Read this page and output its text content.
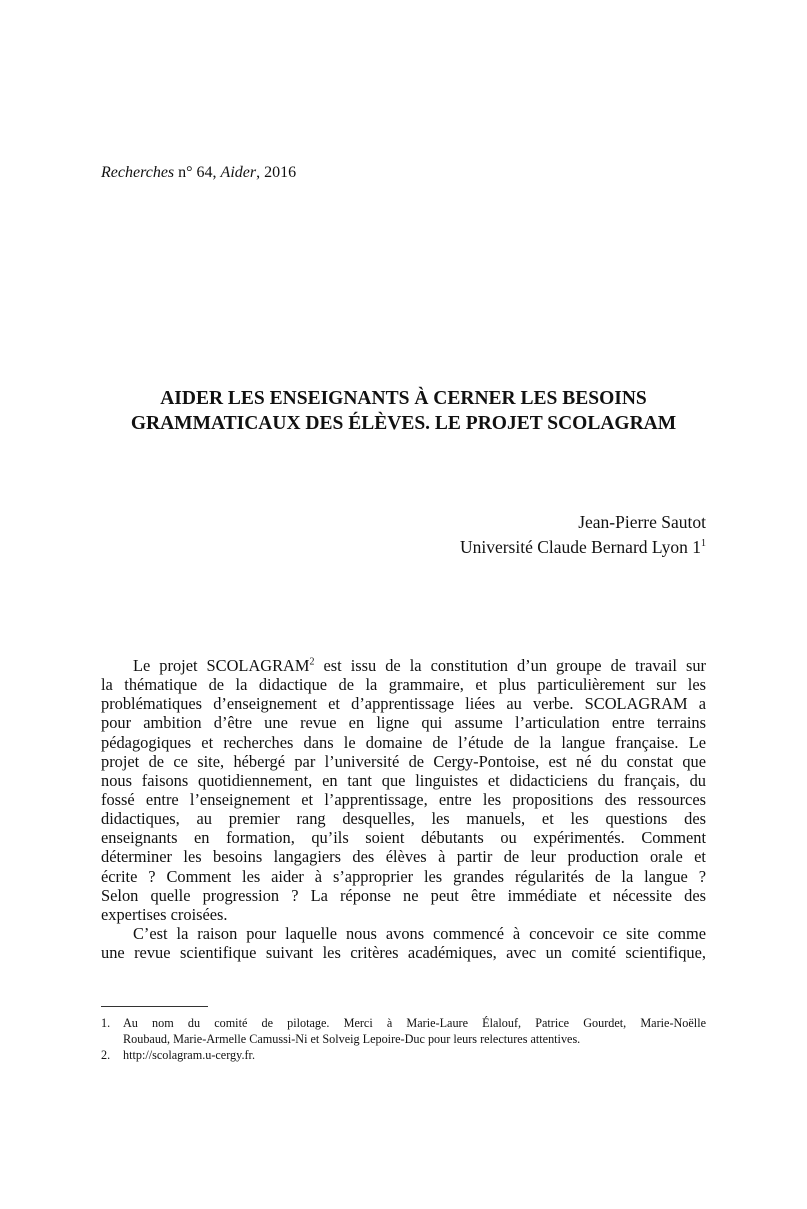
Recherches n° 64, Aider, 2016
AIDER LES ENSEIGNANTS À CERNER LES BESOINS
GRAMMATICAUX DES ÉLÈVES. LE PROJET SCOLAGRAM
Jean-Pierre Sautot
Université Claude Bernard Lyon $1^1$
Le projet SCOLAGRAM$^2$ est issu de la constitution d’un groupe de travail sur
la thématique de la didactique de la grammaire, et plus particulièrement sur les
problématiques d’enseignement et d’apprentissage liées au verbe. SCOLAGRAM a
pour ambition d’être une revue en ligne qui assume l’articulation entre terrains
pédagogiques et recherches dans le domaine de l’étude de la langue française. Le
projet de ce site, hébergé par l’université de Cergy-Pontoise, est né du constat que
nous faisons quotidiennement, en tant que linguistes et didacticiens du français, du
fossé entre l’enseignement et l’apprentissage, entre les propositions des ressources
didactiques, au premier rang desquelles, les manuels, et les questions des
enseignants en formation, qu’ils soient débutants ou expérimentés. Comment
déterminer les besoins langagiers des élèves à partir de leur production orale et
écrite ? Comment les aider à s’approprier les grandes régularités de la langue ?
Selon quelle progression ? La réponse ne peut être immédiate et nécessite des
expertises croisées.
C’est la raison pour laquelle nous avons commencé à concevoir ce site comme
une revue scientifique suivant les critères académiques, avec un comité scientifique,
1. Au nom du comité de pilotage. Merci à Marie-Laure Élalouf, Patrice Gourdet, Marie-Noëlle
Roubaud, Marie-Armelle Camussi-Ni et Solveig Lepoire-Duc pour leurs relectures attentives.
2. http://scolagram.u-cergy.fr.
